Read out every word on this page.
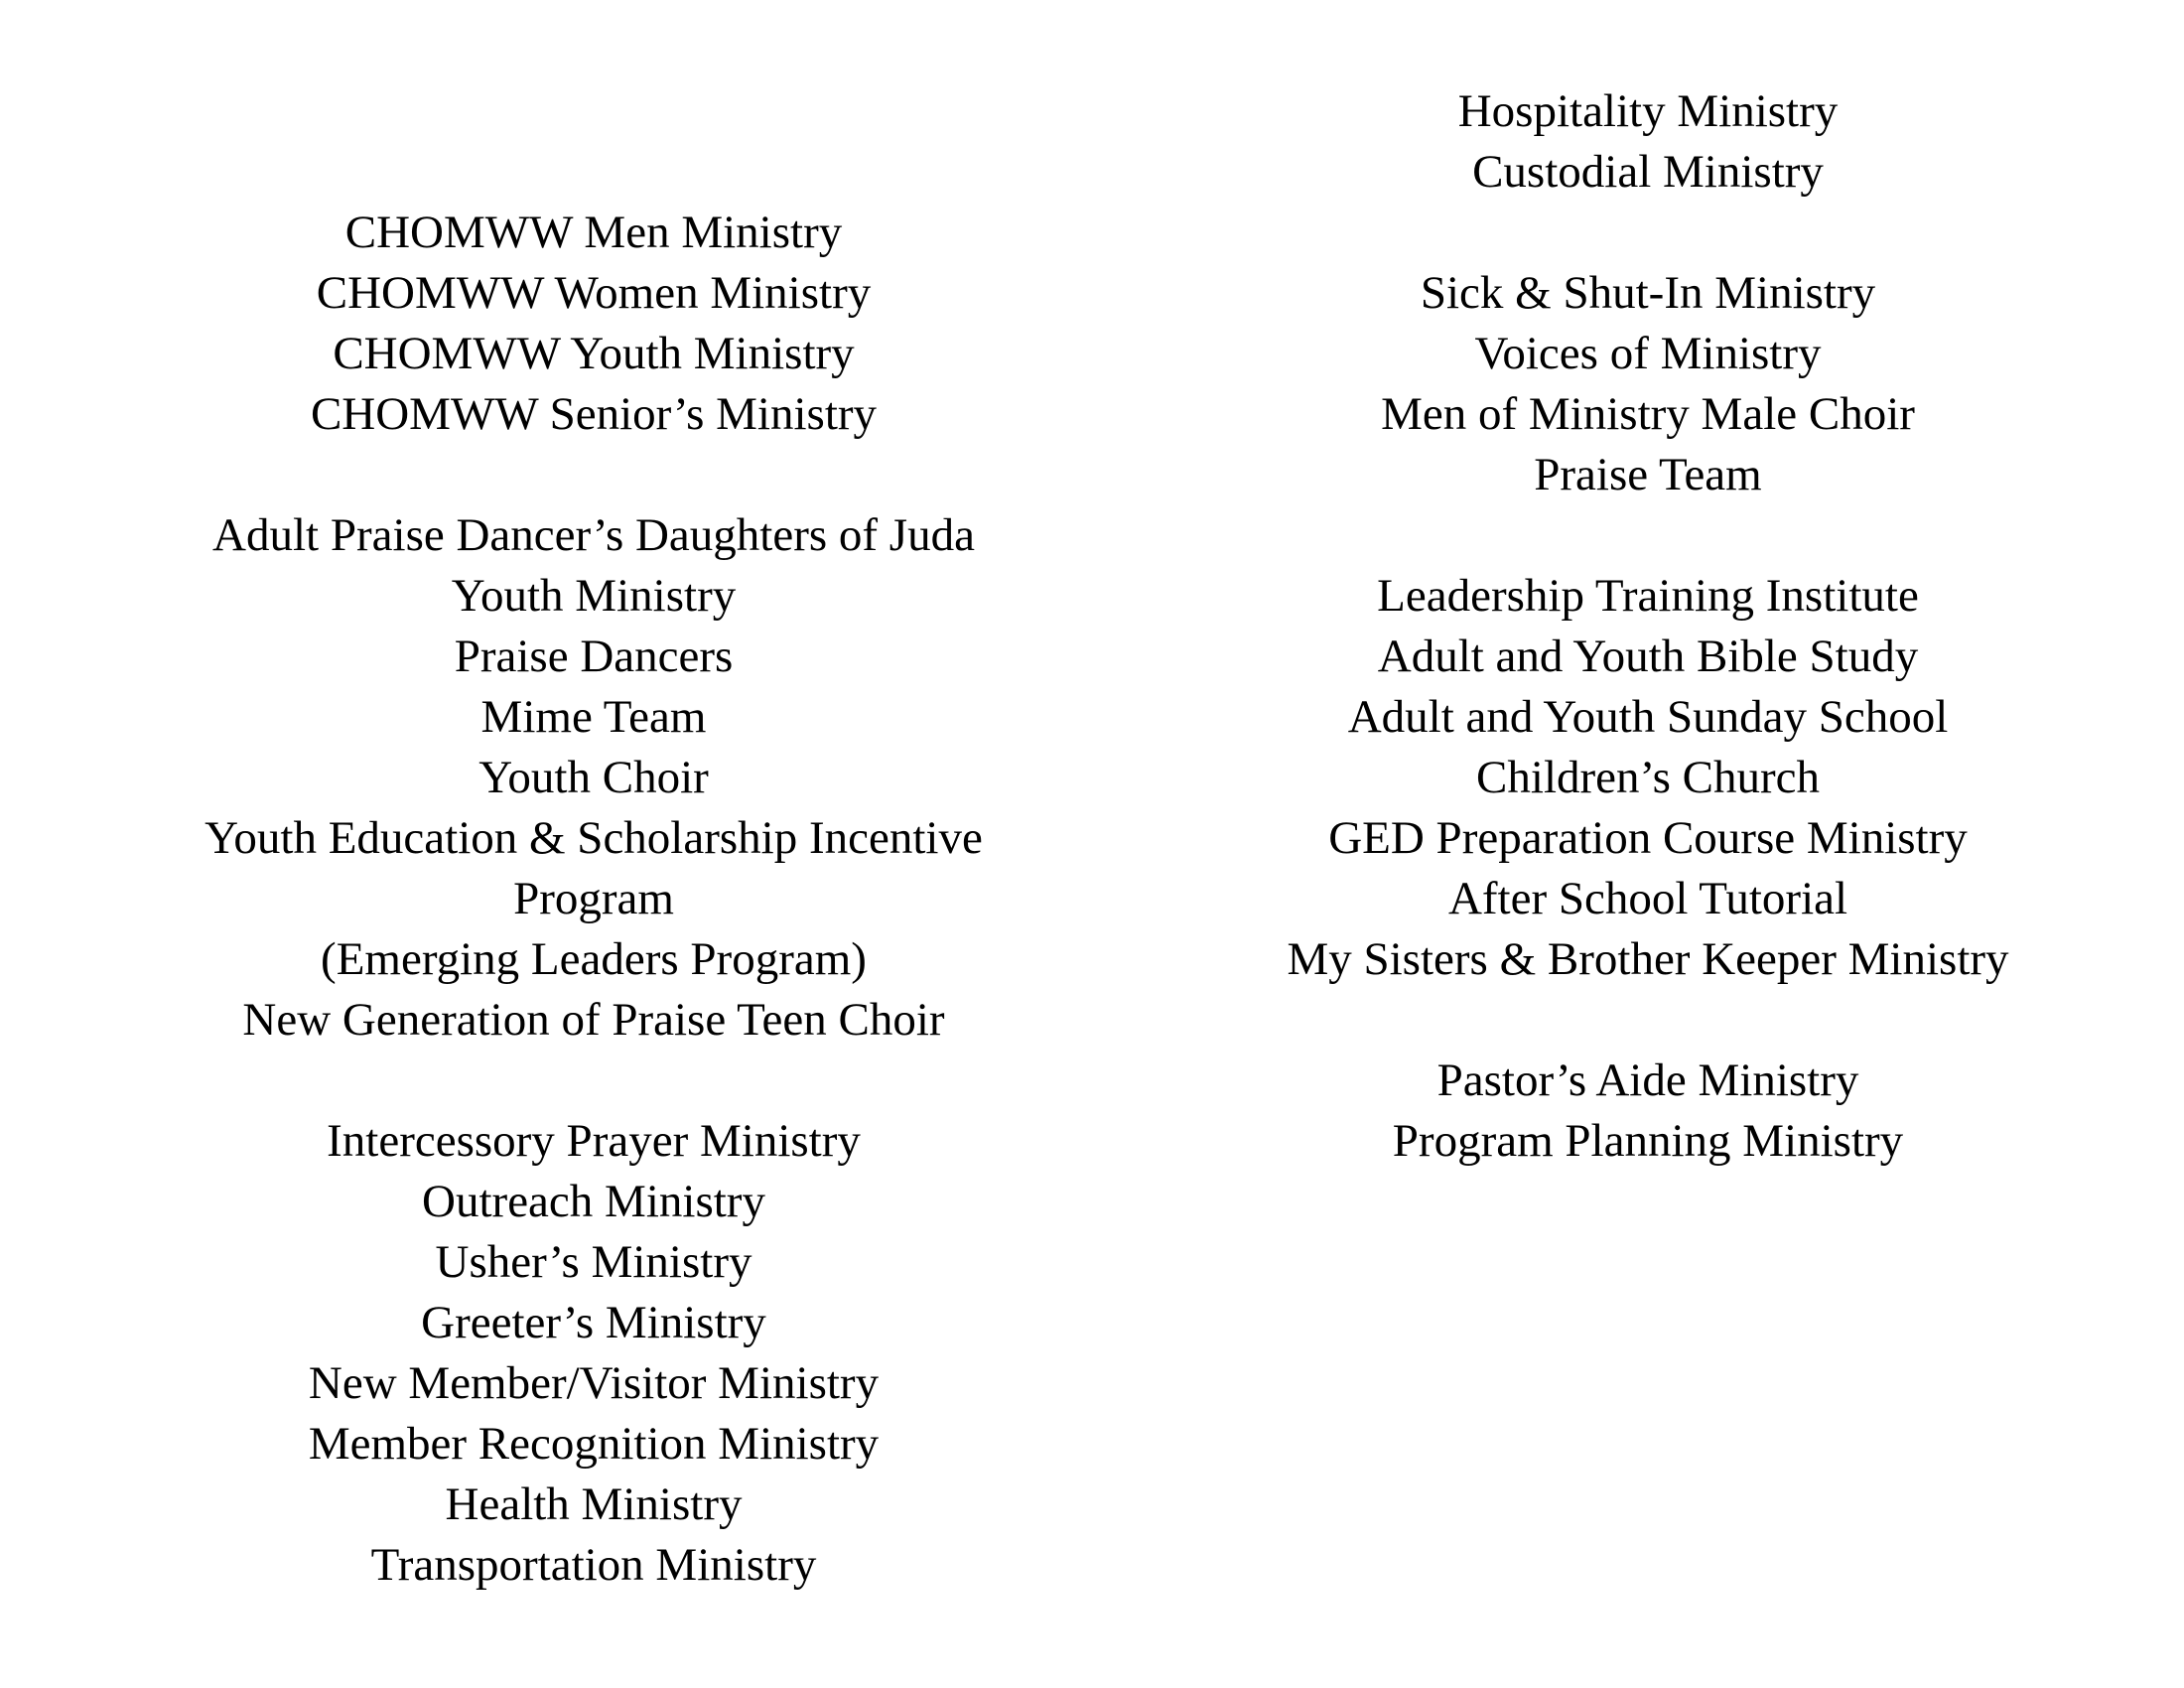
CHOMWW Men Ministry
CHOMWW Women Ministry
CHOMWW Youth Ministry
CHOMWW Senior’s Ministry
Adult Praise Dancer’s Daughters of Juda
Youth Ministry
Praise Dancers
Mime Team
Youth Choir
Youth Education & Scholarship Incentive
Program
(Emerging Leaders Program)
New Generation of Praise Teen Choir
Intercessory Prayer Ministry
Outreach Ministry
Usher’s Ministry
Greeter’s Ministry
New Member/Visitor Ministry
Member Recognition Ministry
Health Ministry
Transportation Ministry
Hospitality Ministry
Custodial Ministry
Sick & Shut-In Ministry
Voices of Ministry
Men of Ministry Male Choir
Praise Team
Leadership Training Institute
Adult and Youth Bible Study
Adult and Youth Sunday School
Children’s Church
GED Preparation Course Ministry
After School Tutorial
My Sisters & Brother Keeper Ministry
Pastor’s Aide Ministry
Program Planning Ministry
